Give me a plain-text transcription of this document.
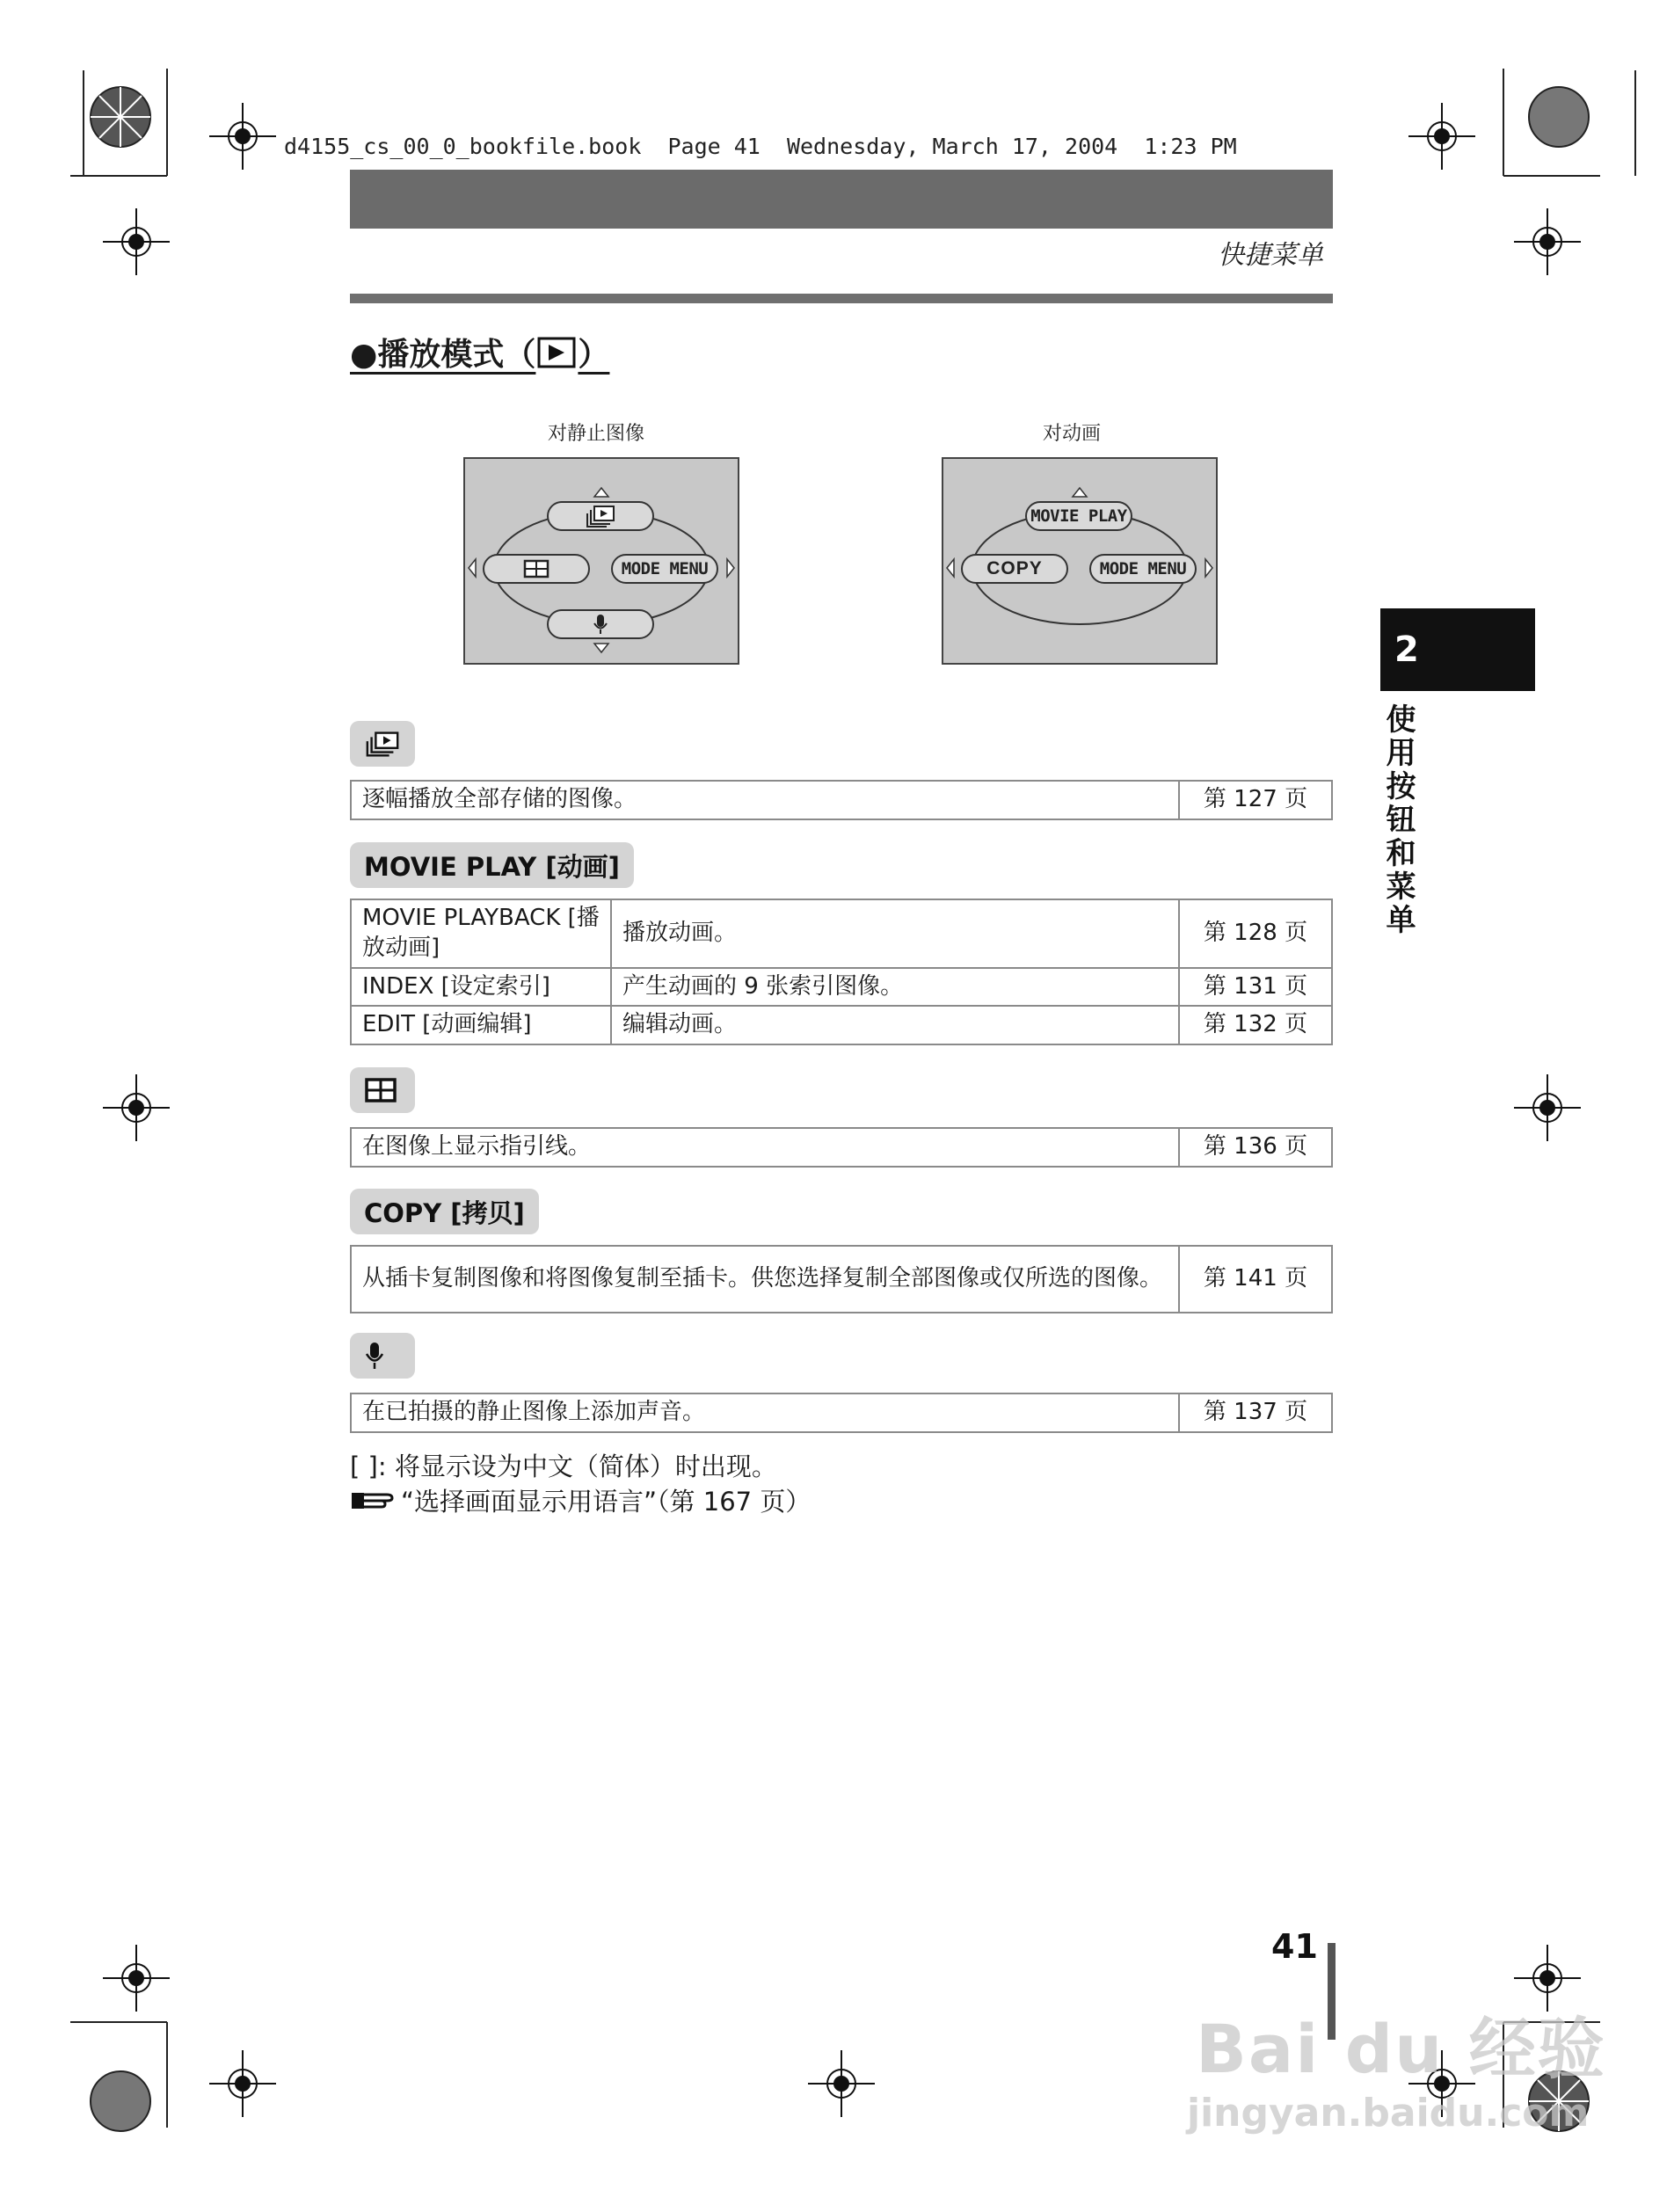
d4155_cs_00_0_bookfile.book  Page 41  Wednesday, March 17, 2004  1:23 PM
快捷菜单
●播放模式（ ）
对静止图像
MODE MENU
对动画
MOVIE PLAY
COPY	MODE MENU
2
使用按钮和菜单
逐幅播放全部存储的图像。	第 127 页
MOVIE PLAY [动画]
MOVIE PLAYBACK [播放动画]	播放动画。	第 128 页
INDEX [设定索引]	产生动画的 9 张索引图像。	第 131 页
EDIT [动画编辑]	编辑动画。	第 132 页
在图像上显示指引线。	第 136 页
COPY [拷贝]
从插卡复制图像和将图像复制至插卡。供您选择复制全部图像或仅所选的图像。	第 141 页
在已拍摄的静止图像上添加声音。	第 137 页
[ ]: 将显示设为中文（简体）时出现。
“选择画面显示用语言”（第 167 页）
41
Bai du 经验
jingyan.baidu.com
